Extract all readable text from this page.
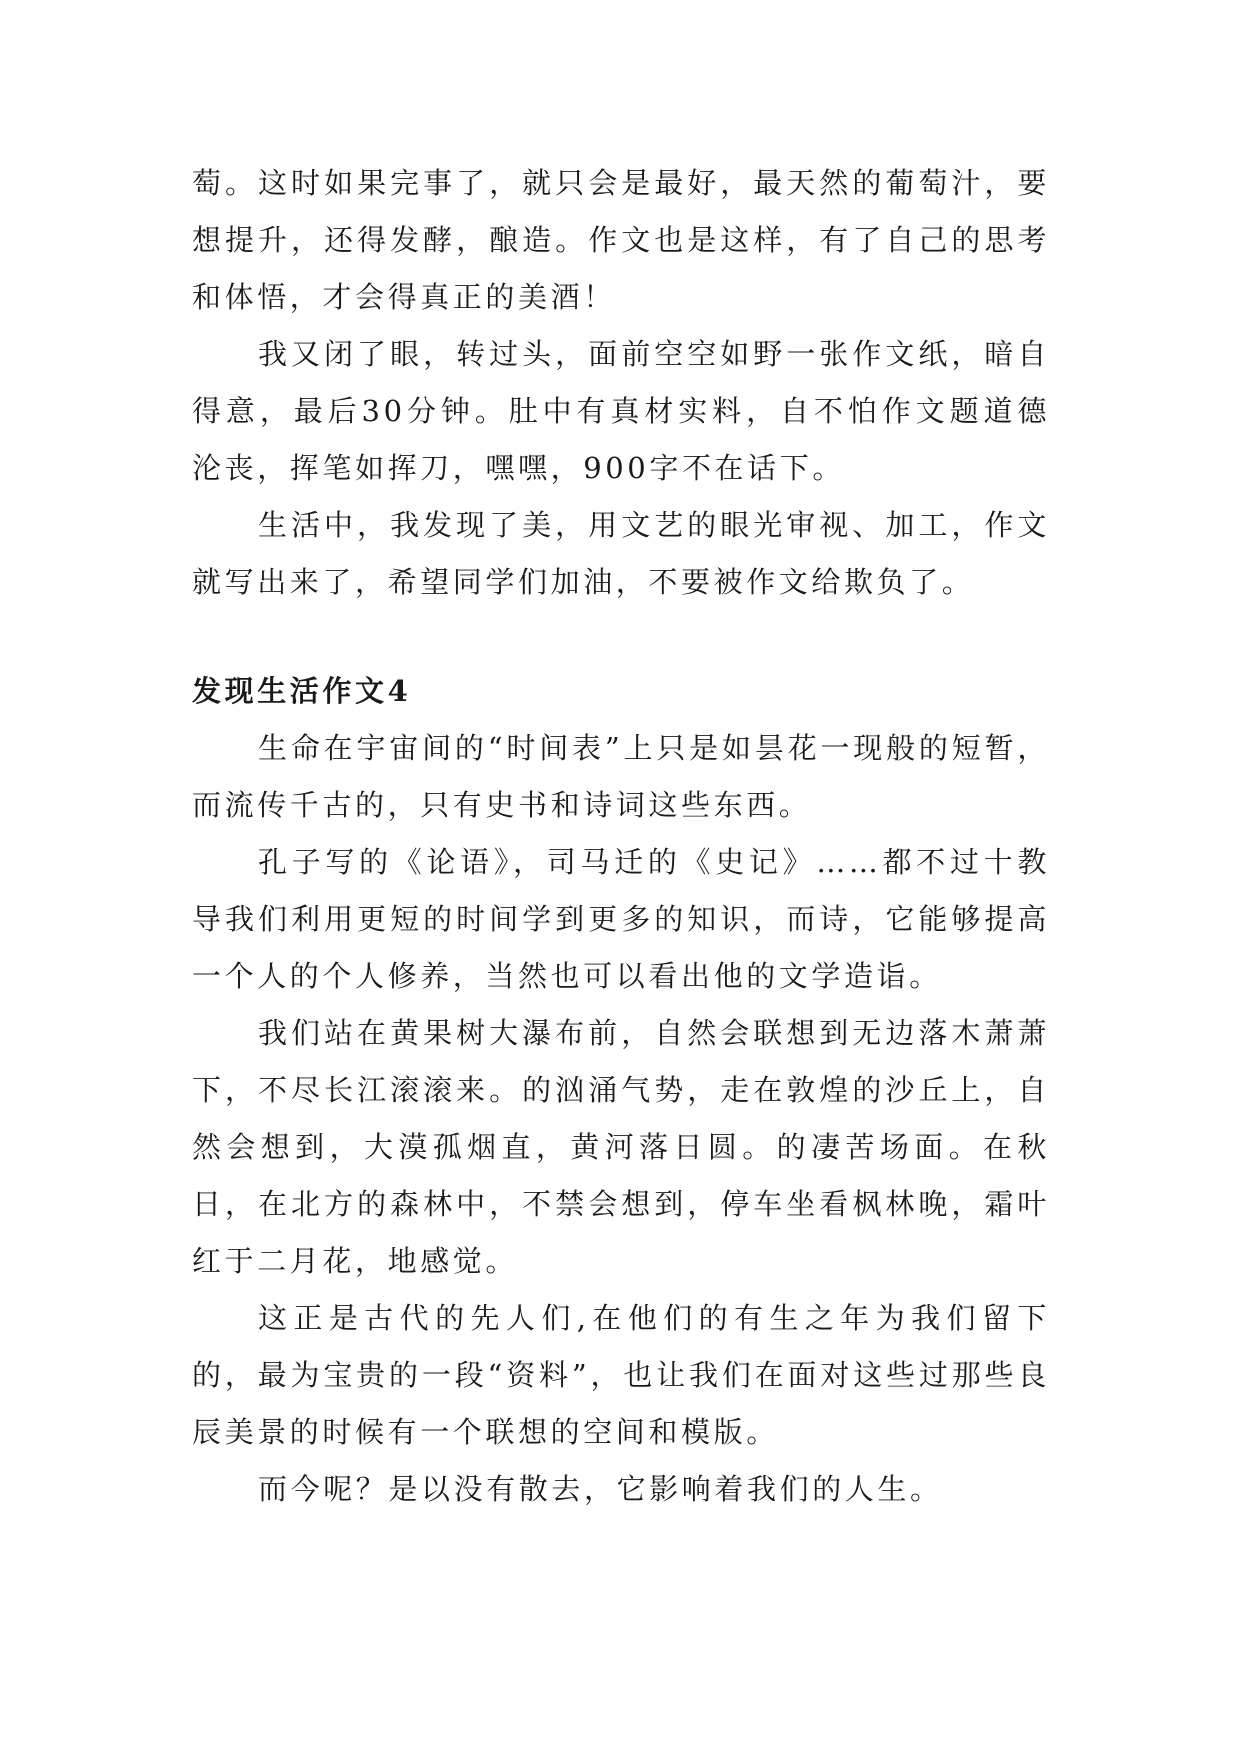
萄。这时如果完事了，就只会是最好，最天然的葡萄汁，要想提升，还得发酵，酿造。作文也是这样，有了自己的思考和体悟，才会得真正的美酒！

我又闭了眼，转过头，面前空空如野一张作文纸，暗自得意，最后30分钟。肚中有真材实料，自不怕作文题道德沦丧，挥笔如挥刀，嘿嘿，900字不在话下。

生活中，我发现了美，用文艺的眼光审视、加工，作文就写出来了，希望同学们加油，不要被作文给欺负了。

发现生活作文4

生命在宇宙间的“时间表”上只是如昙花一现般的短暂，而流传千古的，只有史书和诗词这些东西。

孔子写的《论语》，司马迁的《史记》……都不过十教导我们利用更短的时间学到更多的知识，而诗，它能够提高一个人的个人修养，当然也可以看出他的文学造诣。

我们站在黄果树大瀑布前，自然会联想到无边落木萧萧下，不尽长江滚滚来。的汹涌气势，走在敦煌的沙丘上，自然会想到，大漠孤烟直，黄河落日圆。的凄苦场面。在秋日，在北方的森林中，不禁会想到，停车坐看枫林晚，霜叶红于二月花，地感觉。

这正是古代的先人们,在他们的有生之年为我们留下的，最为宝贵的一段“资料”，也让我们在面对这些过那些良辰美景的时候有一个联想的空间和模版。

而今呢？是以没有散去，它影响着我们的人生。
